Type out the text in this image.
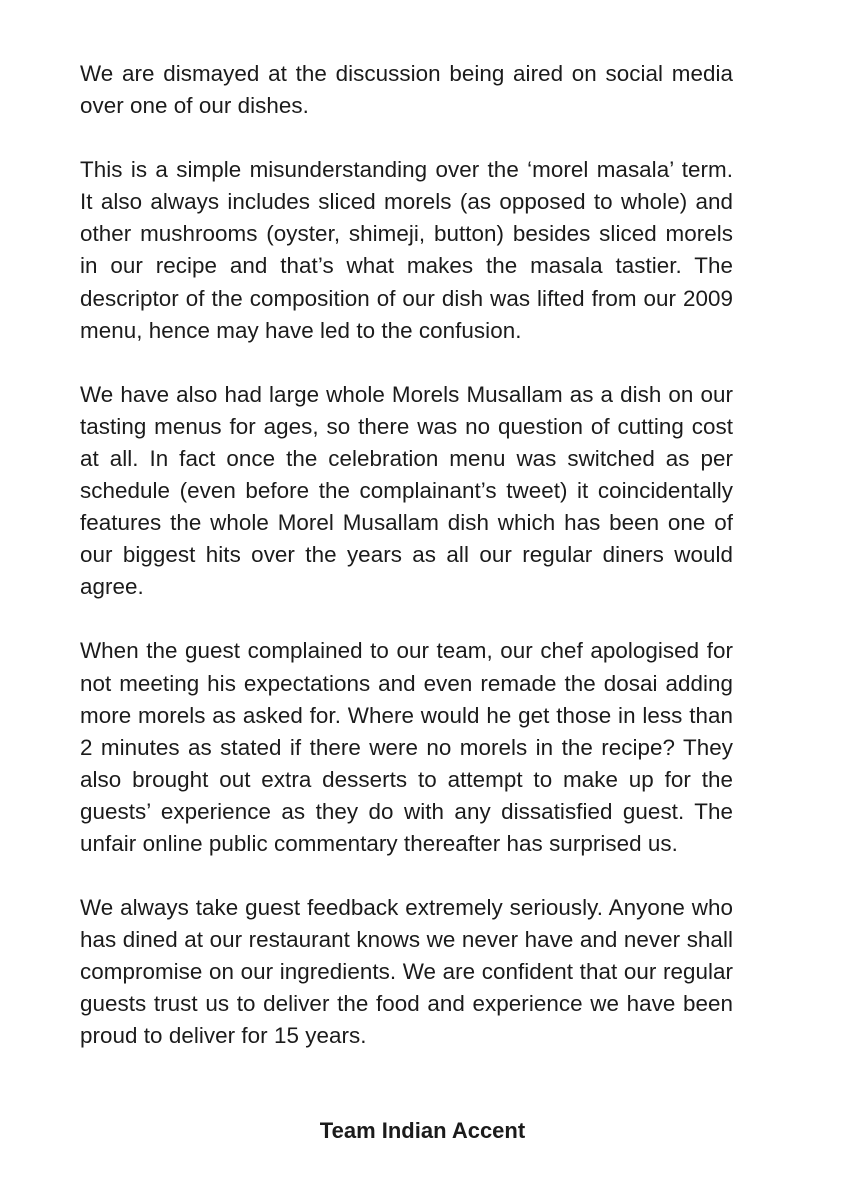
We are dismayed at the discussion being aired on social media over one of our dishes.

This is a simple misunderstanding over the ‘morel masala’ term. It also always includes sliced morels (as opposed to whole) and other mushrooms (oyster, shimeji, button) besides sliced morels in our recipe and that’s what makes the masala tastier. The descriptor of the composition of our dish was lifted from our 2009 menu, hence may have led to the confusion.

We have also had large whole Morels Musallam as a dish on our tasting menus for ages, so there was no question of cutting cost at all. In fact once the celebration menu was switched as per schedule (even before the complainant’s tweet) it coincidentally features the whole Morel Musallam dish which has been one of our biggest hits over the years as all our regular diners would agree.

When the guest complained to our team, our chef apologised for not meeting his expectations and even remade the dosai adding more morels as asked for. Where would he get those in less than 2 minutes as stated if there were no morels in the recipe? They also brought out extra desserts to attempt to make up for the guests’ experience as they do with any dissatisfied guest. The unfair online public commentary thereafter has surprised us.

We always take guest feedback extremely seriously. Anyone who has dined at our restaurant knows we never have and never shall compromise on our ingredients. We are confident that our regular guests trust us to deliver the food and experience we have been proud to deliver for 15 years.

Team Indian Accent
